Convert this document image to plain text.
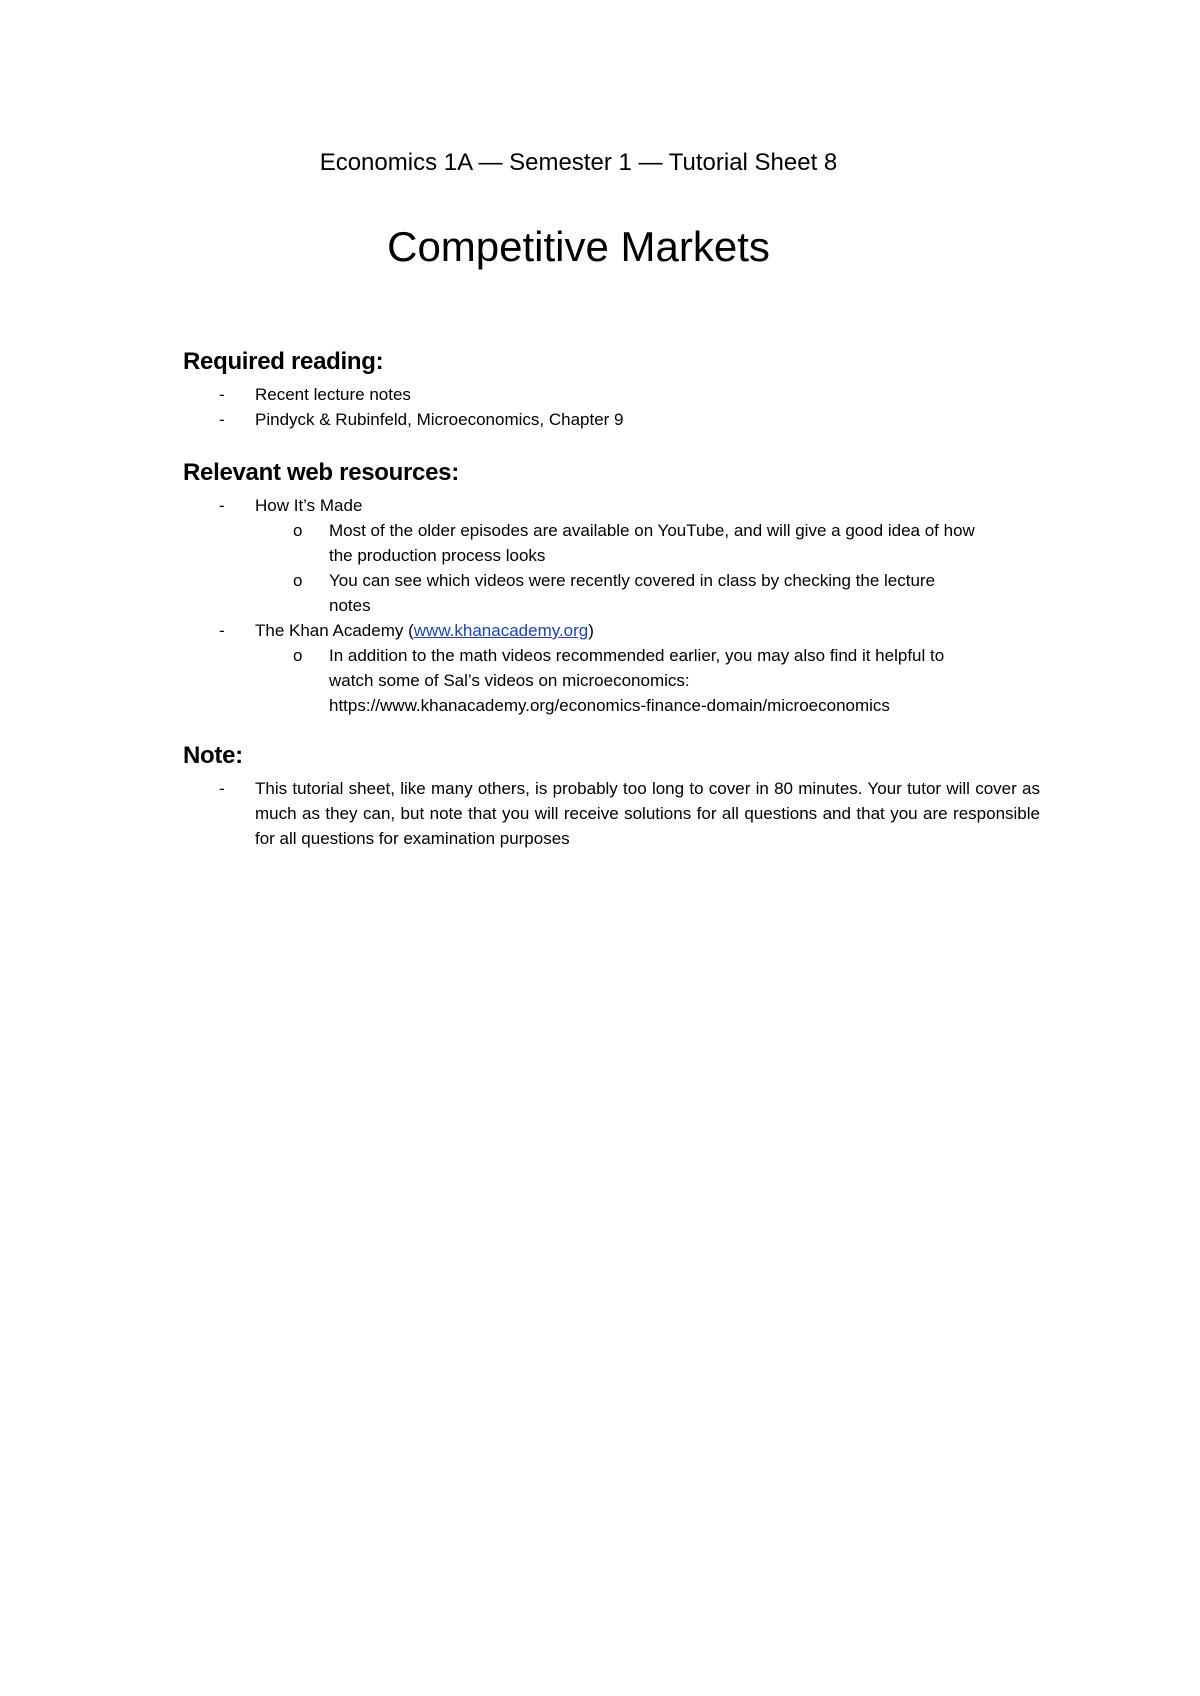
Economics 1A — Semester 1 — Tutorial Sheet 8
Competitive Markets
Required reading:
- Recent lecture notes
- Pindyck & Rubinfeld, Microeconomics, Chapter 9
Relevant web resources:
- How It’s Made
o Most of the older episodes are available on YouTube, and will give a good idea of how the production process looks
o You can see which videos were recently covered in class by checking the lecture notes
- The Khan Academy (www.khanacademy.org)
o In addition to the math videos recommended earlier, you may also find it helpful to watch some of Sal’s videos on microeconomics:
https://www.khanacademy.org/economics-finance-domain/microeconomics
Note:
- This tutorial sheet, like many others, is probably too long to cover in 80 minutes. Your tutor will cover as much as they can, but note that you will receive solutions for all questions and that you are responsible for all questions for examination purposes
